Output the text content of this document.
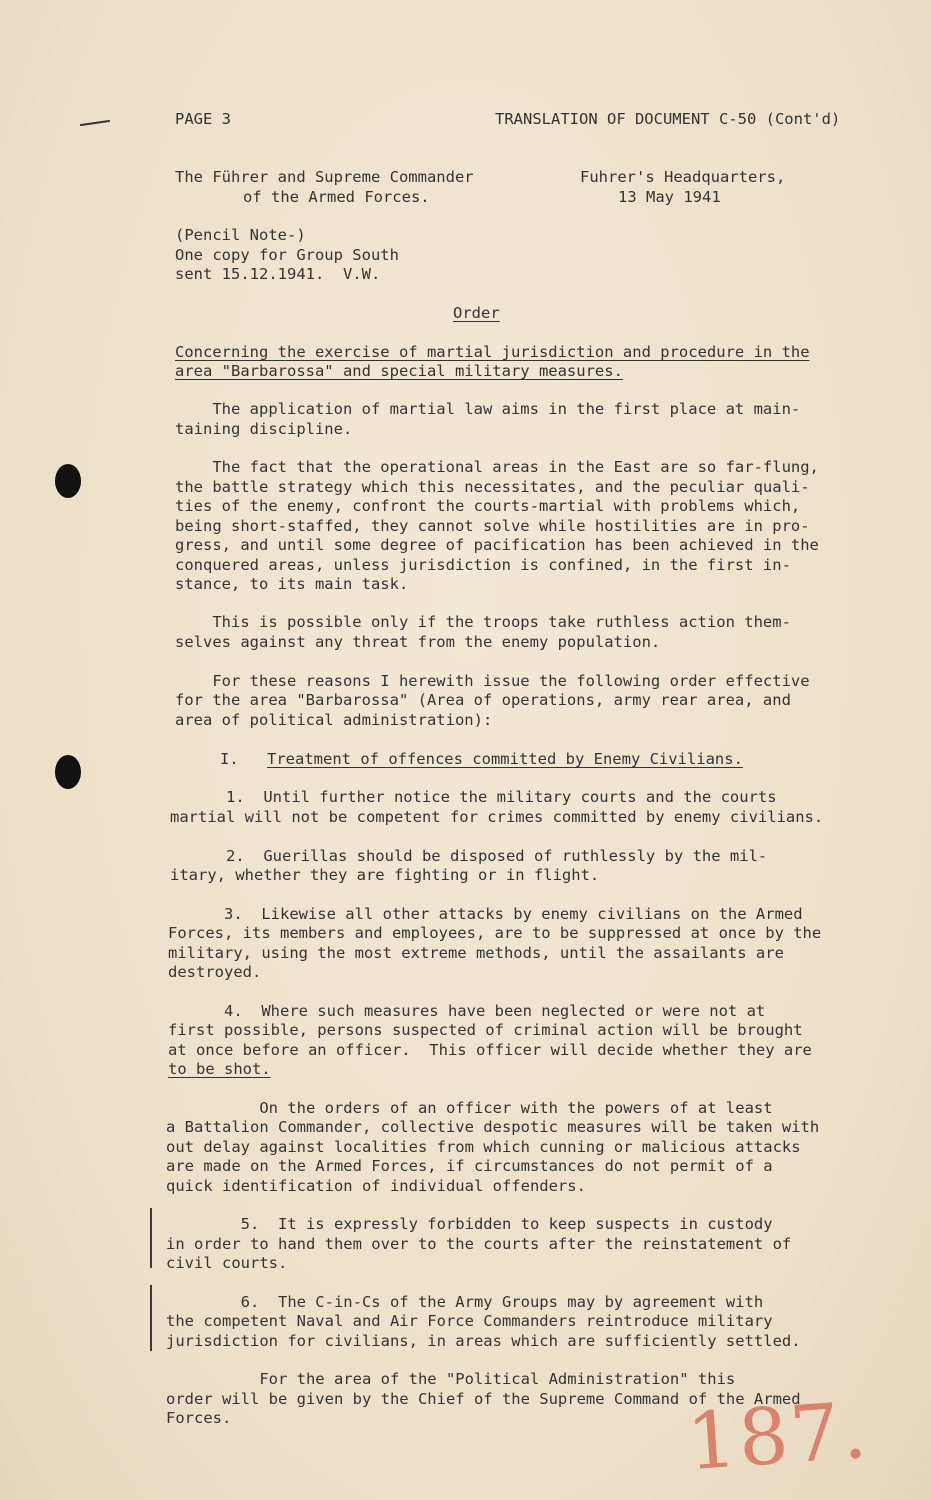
PAGE 3	TRANSLATION OF DOCUMENT C-50 (Cont'd)
The Führer and Supreme Commander
of the Armed Forces.
Fuhrer's Headquarters,
13 May 1941
(Pencil Note-)
One copy for Group South
sent 15.12.1941.  V.W.
Order
Concerning the exercise of martial jurisdiction and procedure in the
area "Barbarossa" and special military measures.
The application of martial law aims in the first place at main-
taining discipline.
The fact that the operational areas in the East are so far-flung,
the battle strategy which this necessitates, and the peculiar quali-
ties of the enemy, confront the courts-martial with problems which,
being short-staffed, they cannot solve while hostilities are in pro-
gress, and until some degree of pacification has been achieved in the
conquered areas, unless jurisdiction is confined, in the first in-
stance, to its main task.
This is possible only if the troops take ruthless action them-
selves against any threat from the enemy population.
For these reasons I herewith issue the following order effective
for the area "Barbarossa" (Area of operations, army rear area, and
area of political administration):
I. Treatment of offences committed by Enemy Civilians.
1.  Until further notice the military courts and the courts
martial will not be competent for crimes committed by enemy civilians.
2.  Guerillas should be disposed of ruthlessly by the mil-
itary, whether they are fighting or in flight.
3.  Likewise all other attacks by enemy civilians on the Armed
Forces, its members and employees, are to be suppressed at once by the
military, using the most extreme methods, until the assailants are
destroyed.
4.  Where such measures have been neglected or were not at
first possible, persons suspected of criminal action will be brought
at once before an officer.  This officer will decide whether they are
to be shot.
On the orders of an officer with the powers of at least
a Battalion Commander, collective despotic measures will be taken with
out delay against localities from which cunning or malicious attacks
are made on the Armed Forces, if circumstances do not permit of a
quick identification of individual offenders.
5.  It is expressly forbidden to keep suspects in custody
in order to hand them over to the courts after the reinstatement of
civil courts.
6.  The C-in-Cs of the Army Groups may by agreement with
the competent Naval and Air Force Commanders reintroduce military
jurisdiction for civilians, in areas which are sufficiently settled.
For the area of the "Political Administration" this
order will be given by the Chief of the Supreme Command of the Armed
Forces.	187.
